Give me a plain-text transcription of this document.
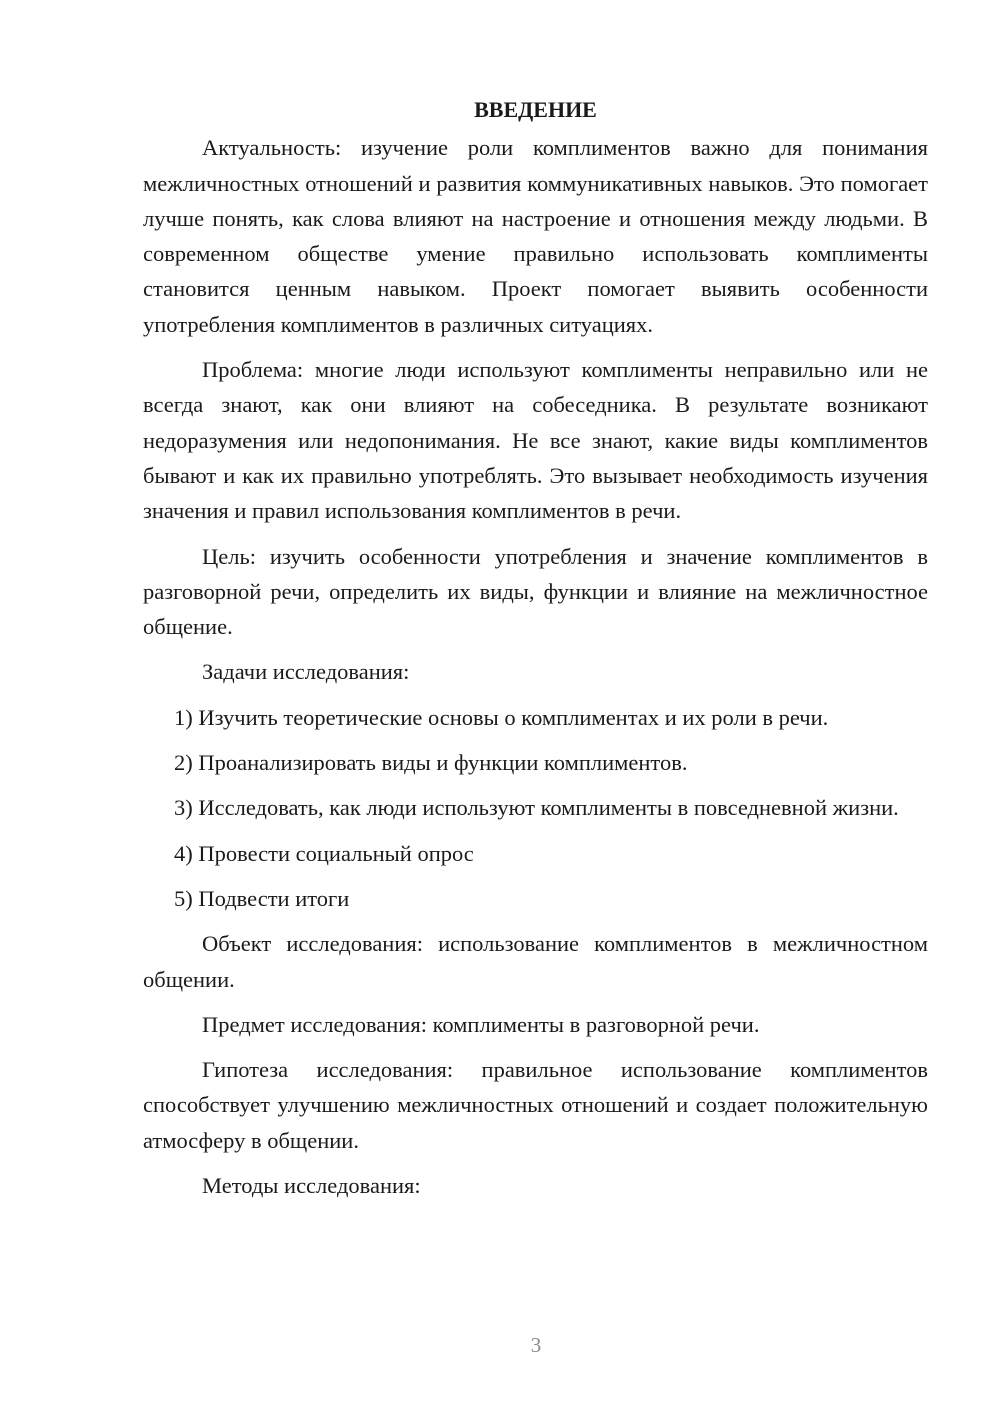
ВВЕДЕНИЕ

Актуальность: изучение роли комплиментов важно для понимания межличностных отношений и развития коммуникативных навыков. Это помогает лучше понять, как слова влияют на настроение и отношения между людьми. В современном обществе умение правильно использовать комплименты становится ценным навыком. Проект помогает выявить особенности употребления комплиментов в различных ситуациях.

Проблема: многие люди используют комплименты неправильно или не всегда знают, как они влияют на собеседника. В результате возникают недоразумения или недопонимания. Не все знают, какие виды комплиментов бывают и как их правильно употреблять. Это вызывает необходимость изучения значения и правил использования комплиментов в речи.

Цель: изучить особенности употребления и значение комплиментов в разговорной речи, определить их виды, функции и влияние на межличностное общение.

Задачи исследования:

1) Изучить теоретические основы о комплиментах и их роли в речи.

2) Проанализировать виды и функции комплиментов.

3) Исследовать, как люди используют комплименты в повседневной жизни.

4) Провести социальный опрос

5) Подвести итоги

Объект исследования: использование комплиментов в межличностном общении.

Предмет исследования: комплименты в разговорной речи.

Гипотеза исследования: правильное использование комплиментов способствует улучшению межличностных отношений и создает положительную атмосферу в общении.

Методы исследования:

3
